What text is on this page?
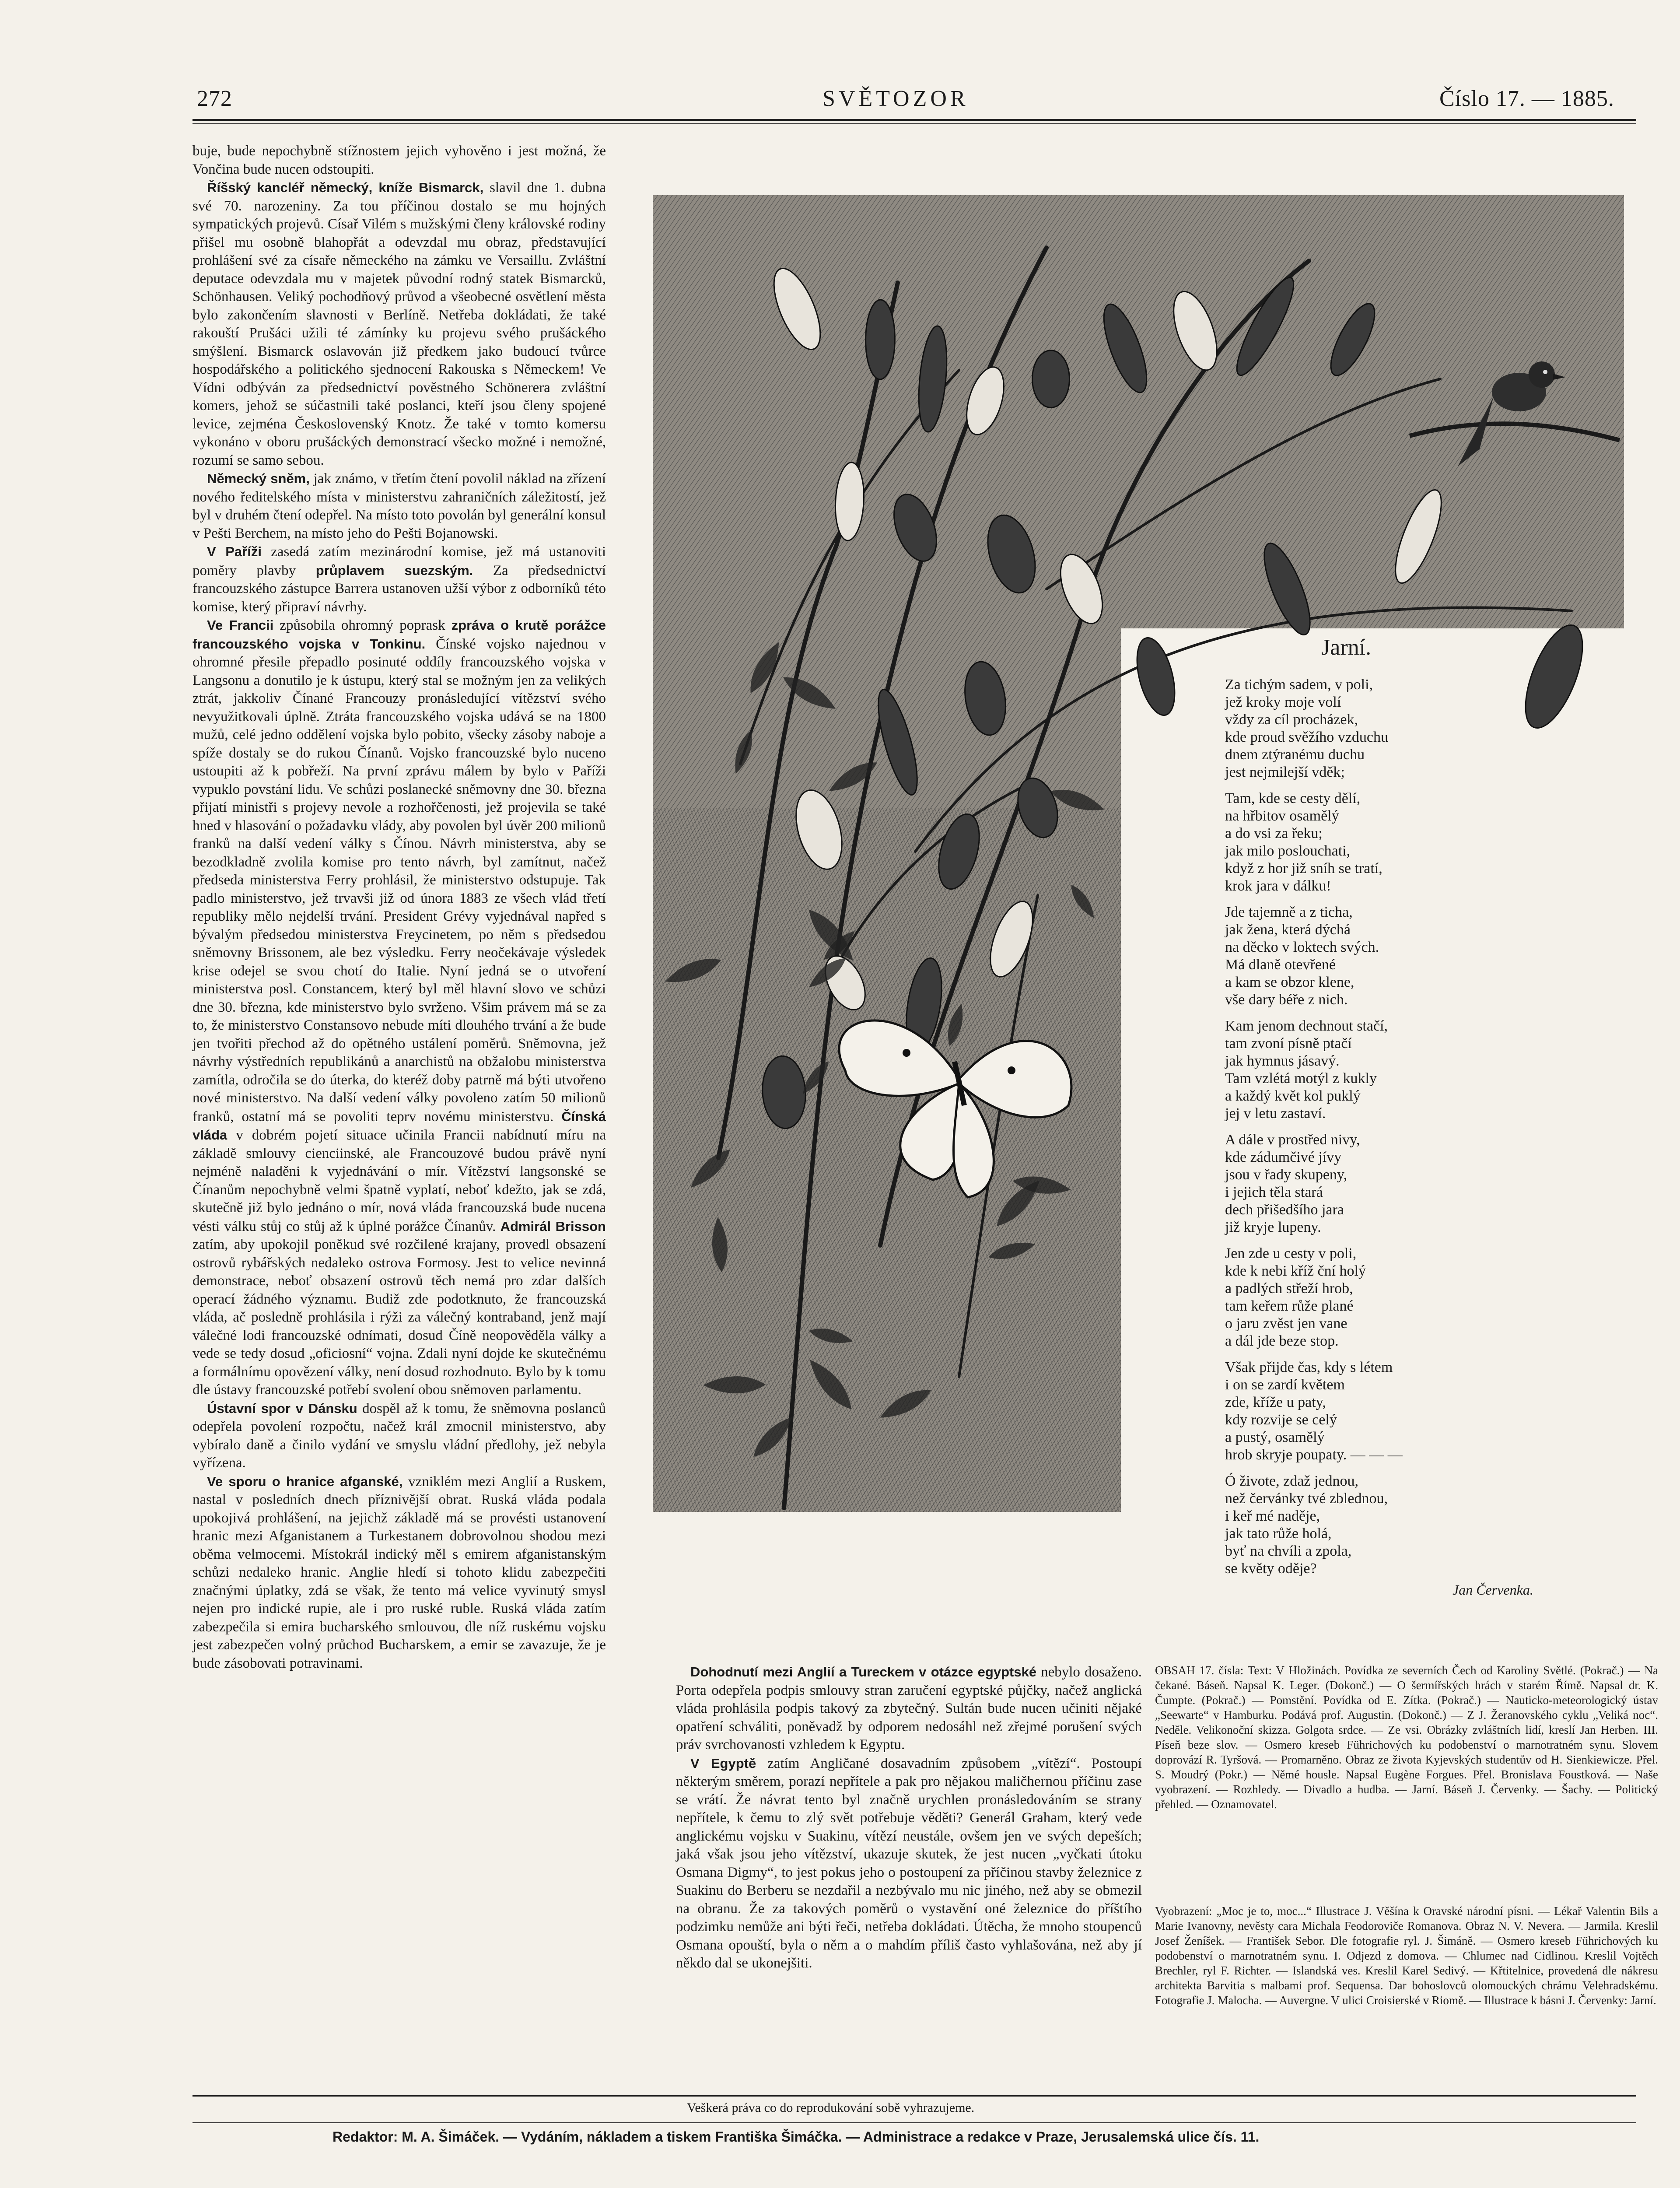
272	SVĚTOZOR	Číslo 17. — 1885.
buje, bude nepochybně stížnostem jejich vyhověno i jest možná, že Vončina bude nucen odstoupiti.
 Říšský kancléř německý, kníže Bismarck, slavil dne 1. dubna své 70. narozeniny. Za tou příčinou dostalo se mu hojných sympatických projevů. Císař Vilém s mužskými členy královské rodiny přišel mu osobně blahopřát a odevzdal mu obraz, představující prohlášení své za císaře německého na zámku ve Versaillu. Zvláštní deputace odevzdala mu v majetek původní rodný statek Bismarcků, Schönhausen. Veliký pochodňový průvod a všeobecné osvětlení města bylo zakončením slavnosti v Berlíně. Netřeba dokládati, že také rakouští Prušáci užili té zámínky ku projevu svého prušáckého smýšlení. Bismarck oslavován již předkem jako budoucí tvůrce hospodářského a politického sjednocení Rakouska s Německem! Ve Vídni odbýván za předsednictví pověstného Schönerera zvláštní komers, jehož se súčastnili také poslanci, kteří jsou členy spojené levice, zejména Československý Knotz. Že také v tomto komersu vykonáno v oboru prušáckých demonstrací všecko možné i nemožné, rozumí se samo sebou.
 Německý sněm, jak známo, v třetím čtení povolil náklad na zřízení nového ředitelského místa v ministerstvu zahraničních záležitostí, jež byl v druhém čtení odepřel. Na místo toto povolán byl generální konsul v Pešti Berchem, na místo jeho do Pešti Bojanowski.
 V Paříži zasedá zatím mezinárodní komise, jež má ustanoviti poměry plavby průplavem suezským. Za předsednictví francouzského zástupce Barrera ustanoven užší výbor z odborníků této komise, který připraví návrhy.
 Ve Francii způsobila ohromný poprask zpráva o krutě porážce francouzského vojska v Tonkinu. Čínské vojsko najednou v ohromné přesile přepadlo posinuté oddíly francouzského vojska v Langsonu a donutilo je k ústupu, který stal se možným jen za velikých ztrát, jakkoliv Čínané Francouzy pronásledující vítězství svého nevyužitkovali úplně. Ztráta francouzského vojska udává se na 1800 mužů, celé jedno oddělení vojska bylo pobito, všecky zásoby naboje a spíže dostaly se do rukou Čínanů. Vojsko francouzské bylo nuceno ustoupiti až k pobřeží. Na první zprávu málem by bylo v Paříži vypuklo povstání lidu. Ve schůzi poslanecké sněmovny dne 30. března přijatí ministři s projevy nevole a rozhořčenosti, jež projevila se také hned v hlasování o požadavku vlády, aby povolen byl úvěr 200 milionů franků na další vedení války s Čínou. Návrh ministerstva, aby se bezodkladně zvolila komise pro tento návrh, byl zamítnut, načež předseda ministerstva Ferry prohlásil, že ministerstvo odstupuje. Tak padlo ministerstvo, jež trvavši již od února 1883 ze všech vlád třetí republiky mělo nejdelší trvání. President Grévy vyjednával napřed s bývalým předsedou ministerstva Freycinetem, po něm s předsedou sněmovny Brissonem, ale bez výsledku. Ferry neočekávaje výsledek krise odejel se svou chotí do Italie. Nyní jedná se o utvoření ministerstva posl. Constancem, který byl měl hlavní slovo ve schůzi dne 30. března, kde ministerstvo bylo svrženo. Všim právem má se za to, že ministerstvo Constansovo nebude míti dlouhého trvání a že bude jen tvořiti přechod až do opětného ustálení poměrů. Sněmovna, jež návrhy výstředních republikánů a anarchistů na obžalobu ministerstva zamítla, odročila se do úterka, do kteréž doby patrně má býti utvořeno nové ministerstvo. Na další vedení války povoleno zatím 50 milionů franků, ostatní má se povoliti teprv novému ministerstvu. Čínská vláda v dobrém pojetí situace učinila Francii nabídnutí míru na základě smlouvy cienciinské, ale Francouzové budou právě nyní nejméně naladěni k vyjednávání o mír. Vítězství langsonské se Čínanům nepochybně velmi špatně vyplatí, neboť kdežto, jak se zdá, skutečně již bylo jednáno o mír, nová vláda francouzská bude nucena vésti válku stůj co stůj až k úplné porážce Čínanův. Admirál Brisson zatím, aby upokojil poněkud své rozčilené krajany, provedl obsazení ostrovů rybářských nedaleko ostrova Formosy. Jest to velice nevinná demonstrace, neboť obsazení ostrovů těch nemá pro zdar dalších operací žádného významu. Budiž zde podotknuto, že francouzská vláda, ač posledně prohlásila i rýži za válečný kontraband, jenž mají válečné lodi francouzské odnímati, dosud Číně neopověděla války a vede se tedy dosud „oficiosní“ vojna. Zdali nyní dojde ke skutečnému a formálnímu opovězení války, není dosud rozhodnuto. Bylo by k tomu dle ústavy francouzské potřebí svolení obou sněmoven parlamentu.
 Ústavní spor v Dánsku dospěl až k tomu, že sněmovna poslanců odepřela povolení rozpočtu, načež král zmocnil ministerstvo, aby vybíralo daně a činilo vydání ve smyslu vládní předlohy, jež nebyla vyřízena.
 Ve sporu o hranice afganské, vzniklém mezi Anglií a Ruskem, nastal v posledních dnech příznivější obrat. Ruská vláda podala upokojivá prohlášení, na jejichž základě má se provésti ustanovení hranic mezi Afganistanem a Turkestanem dobrovolnou shodou mezi oběma velmocemi. Místokrál indický měl s emirem afganistanským schůzi nedaleko hranic. Anglie hledí si tohoto klidu zabezpečiti značnými úplatky, zdá se však, že tento má velice vyvinutý smysl nejen pro indické rupie, ale i pro ruské ruble. Ruská vláda zatím zabezpečila si emira bucharského smlouvou, dle níž ruskému vojsku jest zabezpečen volný průchod Bucharskem, a emir se zavazuje, že je bude zásobovati potravinami.
Jarní.
Za tichým sadem, v poli,
jež kroky moje volí
vždy za cíl procházek,
kde proud svěžího vzduchu
dnem ztýranému duchu
jest nejmilejší vděk;
Tam, kde se cesty dělí,
na hřbitov osamělý
a do vsi za řeku;
jak milo poslouchati,
když z hor již sníh se tratí,
krok jara v dálku!
Jde tajemně a z ticha,
jak žena, která dýchá
na děcko v loktech svých.
Má dlaně otevřené
a kam se obzor klene,
vše dary béře z nich.
Kam jenom dechnout stačí,
tam zvoní písně ptačí
jak hymnus jásavý.
Tam vzlétá motýl z kukly
a každý květ kol puklý
jej v letu zastaví.
A dále v prostřed nivy,
kde zádumčivé jívy
jsou v řady skupeny,
i jejich těla stará
dech přišedšího jara
již kryje lupeny.
Jen zde u cesty v poli,
kde k nebi kříž ční holý
a padlých střeží hrob,
tam keřem růže plané
o jaru zvěst jen vane
a dál jde beze stop.
Však přijde čas, kdy s létem
i on se zardí květem
zde, kříže u paty,
kdy rozvije se celý
a pustý, osamělý
hrob skryje poupaty. — — —
Ó živote, zdaž jednou,
než červánky tvé zblednou,
i keř mé naděje,
jak tato růže holá,
byť na chvíli a zpola,
se květy oděje?
Jan Červenka.
 Dohodnutí mezi Anglií a Tureckem v otázce egyptské nebylo dosaženo. Porta odepřela podpis smlouvy stran zaručení egyptské půjčky, načež anglická vláda prohlásila podpis takový za zbytečný. Sultán bude nucen učiniti nějaké opatření schváliti, poněvadž by odporem nedosáhl než zřejmé porušení svých práv svrchovanosti vzhledem k Egyptu.
 V Egyptě zatím Angličané dosavadním způsobem „vítězí“. Postoupí některým směrem, porazí nepřítele a pak pro nějakou maličhernou příčinu zase se vrátí. Že návrat tento byl značně urychlen pronásledováním se strany nepřítele, k čemu to zlý svět potřebuje věděti? Generál Graham, který vede anglickému vojsku v Suakinu, vítězí neustále, ovšem jen ve svých depeších; jaká však jsou jeho vítězství, ukazuje skutek, že jest nucen „vyčkati útoku Osmana Digmy“, to jest pokus jeho o postoupení za příčinou stavby železnice z Suakinu do Berberu se nezdařil a nezbývalo mu nic jiného, než aby se obmezil na obranu. Že za takových poměrů o vystavění oné železnice do příštího podzimku nemůže ani býti řeči, netřeba dokládati. Útěcha, že mnoho stoupenců Osmana opouští, byla o něm a o mahdím příliš často vyhlašována, než aby jí někdo dal se ukonejšiti.
OBSAH 17. čísla: Text: V Hložinách. Povídka ze severních Čech od Karoliny Světlé. (Pokrač.) — Na čekané. Báseň. Napsal K. Leger. (Dokonč.) — O šermířských hrách v starém Římě. Napsal dr. K. Čumpte. (Pokrač.) — Pomstění. Povídka od E. Zítka. (Pokrač.) — Nauticko-meteorologický ústav „Seewarte“ v Hamburku. Podává prof. Augustin. (Dokonč.) — Z J. Žeranovského cyklu „Veliká noc“. Neděle. Velikonoční skizza. Golgota srdce. — Ze vsi. Obrázky zvláštních lidí, kreslí Jan Herben. III. Píseň beze slov. — Osmero kreseb Führichových ku podobenství o marnotratném synu. Slovem doprovází R. Tyršová. — Promarněno. Obraz ze života Kyjevských studentův od H. Sienkiewicze. Přel. S. Moudrý (Pokr.) — Němé housle. Napsal Eugène Forgues. Přel. Bronislava Foustková. — Naše vyobrazení. — Rozhledy. — Divadlo a hudba. — Jarní. Báseň J. Červenky. — Šachy. — Politický přehled. — Oznamovatel.
Vyobrazení: „Moc je to, moc...“ Illustrace J. Věšína k Oravské národní písni. — Lékař Valentin Bils a Marie Ivanovny, nevěsty cara Michala Feodoroviče Romanova. Obraz N. V. Nevera. — Jarmila. Kreslil Josef Ženíšek. — František Sebor. Dle fotografie ryl. J. Šimáně. — Osmero kreseb Führichových ku podobenství o marnotratném synu. I. Odjezd z domova. — Chlumec nad Cidlinou. Kreslil Vojtěch Brechler, ryl F. Richter. — Islandská ves. Kreslil Karel Sedivý. — Křtitelnice, provedená dle nákresu architekta Barvitia s malbami prof. Sequensa. Dar bohoslovců olomouckých chrámu Velehradskému. Fotografie J. Malocha. — Auvergne. V ulici Croisierské v Riomě. — Illustrace k básni J. Červenky: Jarní.
Veškerá práva co do reprodukování sobě vyhrazujeme.
Redaktor: M. A. Šimáček. — Vydáním, nákladem a tiskem Františka Šimáčka. — Administrace a redakce v Praze, Jerusalemská ulice čís. 11.
